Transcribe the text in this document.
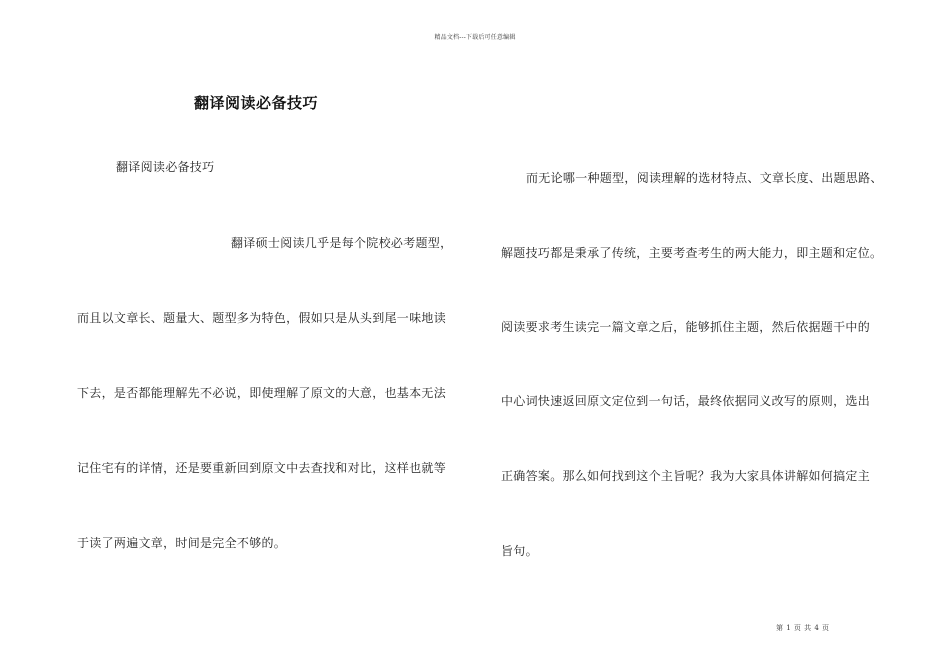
精品文档---下载后可任意编辑
翻译阅读必备技巧
翻译阅读必备技巧
翻译硕士阅读几乎是每个院校必考题型，
而且以文章长、题量大、题型多为特色，假如只是从头到尾一味地读
下去，是否都能理解先不必说，即使理解了原文的大意，也基本无法
记住宅有的详情，还是要重新回到原文中去查找和对比，这样也就等
于读了两遍文章，时间是完全不够的。
而无论哪一种题型，阅读理解的选材特点、文章长度、出题思路、
解题技巧都是秉承了传统，主要考查考生的两大能力，即主题和定位。
阅读要求考生读完一篇文章之后，能够抓住主题，然后依据题干中的
中心词快速返回原文定位到一句话，最终依据同义改写的原则，选出
正确答案。那么如何找到这个主旨呢？我为大家具体讲解如何搞定主
旨句。
第 1 页 共 4 页
